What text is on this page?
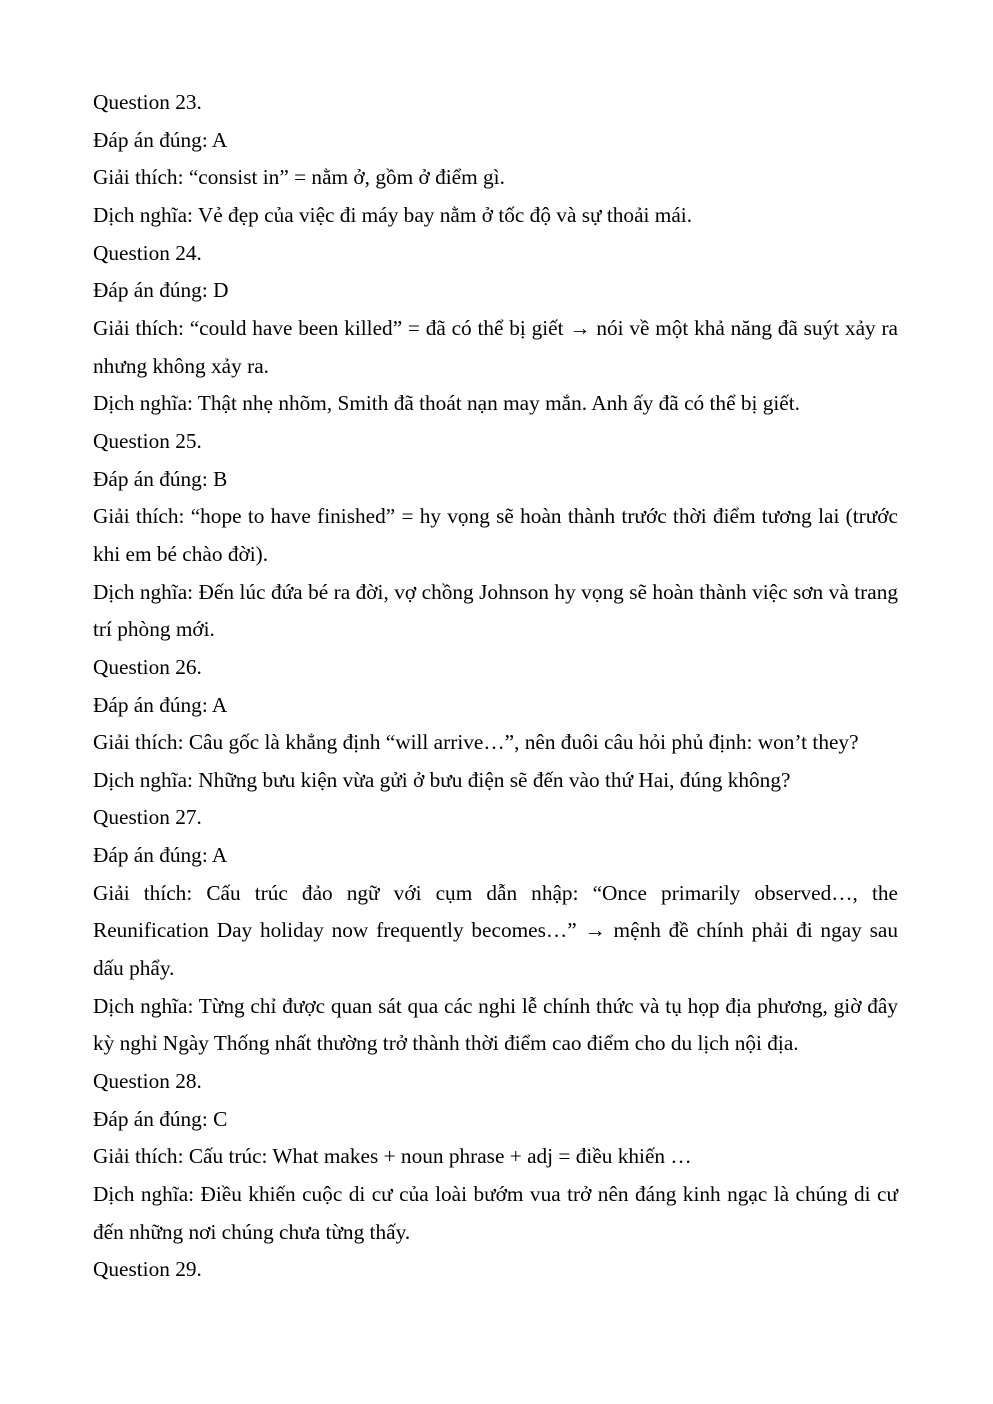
Question 23.

Đáp án đúng: A

Giải thích: “consist in” = nằm ở, gồm ở điểm gì.

Dịch nghĩa: Vẻ đẹp của việc đi máy bay nằm ở tốc độ và sự thoải mái.

Question 24.

Đáp án đúng: D

Giải thích: “could have been killed” = đã có thể bị giết → nói về một khả năng đã suýt xảy ra nhưng không xảy ra.

Dịch nghĩa: Thật nhẹ nhõm, Smith đã thoát nạn may mắn. Anh ấy đã có thể bị giết.

Question 25.

Đáp án đúng: B

Giải thích: “hope to have finished” = hy vọng sẽ hoàn thành trước thời điểm tương lai (trước khi em bé chào đời).

Dịch nghĩa: Đến lúc đứa bé ra đời, vợ chồng Johnson hy vọng sẽ hoàn thành việc sơn và trang trí phòng mới.

Question 26.

Đáp án đúng: A

Giải thích: Câu gốc là khẳng định “will arrive…”, nên đuôi câu hỏi phủ định: won’t they?

Dịch nghĩa: Những bưu kiện vừa gửi ở bưu điện sẽ đến vào thứ Hai, đúng không?

Question 27.

Đáp án đúng: A

Giải thích: Cấu trúc đảo ngữ với cụm dẫn nhập: “Once primarily observed…, the Reunification Day holiday now frequently becomes…” → mệnh đề chính phải đi ngay sau dấu phẩy.

Dịch nghĩa: Từng chỉ được quan sát qua các nghi lễ chính thức và tụ họp địa phương, giờ đây kỳ nghỉ Ngày Thống nhất thường trở thành thời điểm cao điểm cho du lịch nội địa.

Question 28.

Đáp án đúng: C

Giải thích: Cấu trúc: What makes + noun phrase + adj = điều khiến …

Dịch nghĩa: Điều khiến cuộc di cư của loài bướm vua trở nên đáng kinh ngạc là chúng di cư đến những nơi chúng chưa từng thấy.

Question 29.
